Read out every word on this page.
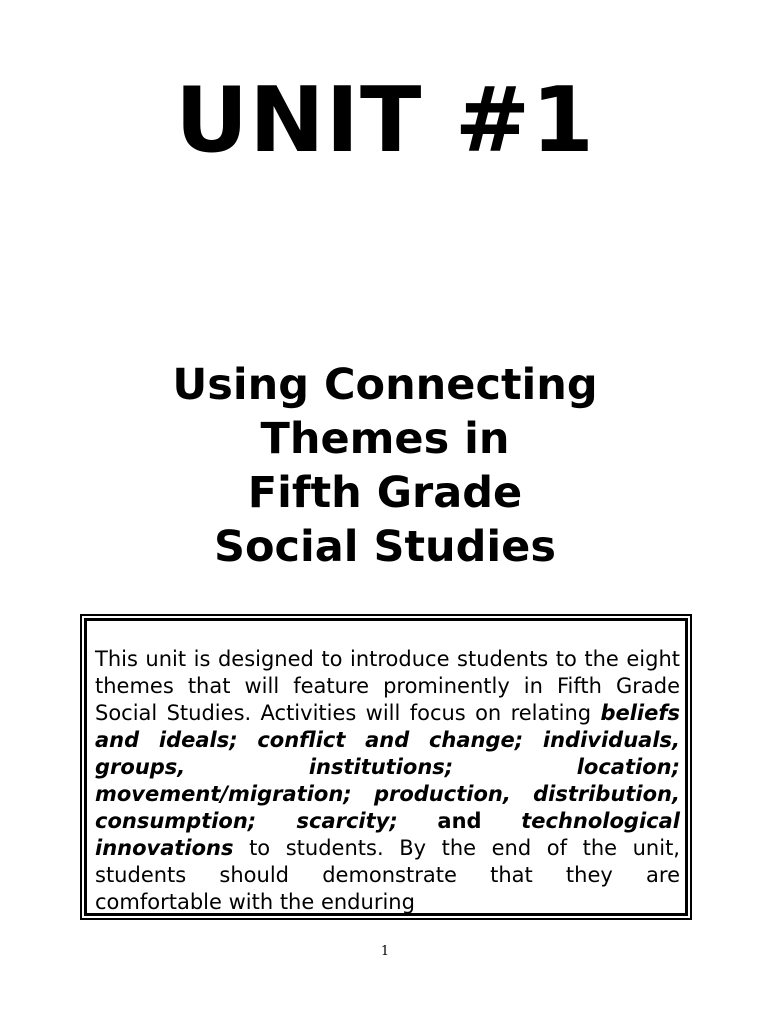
UNIT #1
Using Connecting
Themes in
Fifth Grade
Social Studies

This unit is designed to introduce students to the eight themes that will feature prominently in Fifth Grade Social Studies. Activities will focus on relating beliefs and ideals; conflict and change; individuals, groups, institutions; location; movement/migration; production, distribution, consumption; scarcity; and technological innovations to students. By the end of the unit, students should demonstrate that they are comfortable with the enduring

1
